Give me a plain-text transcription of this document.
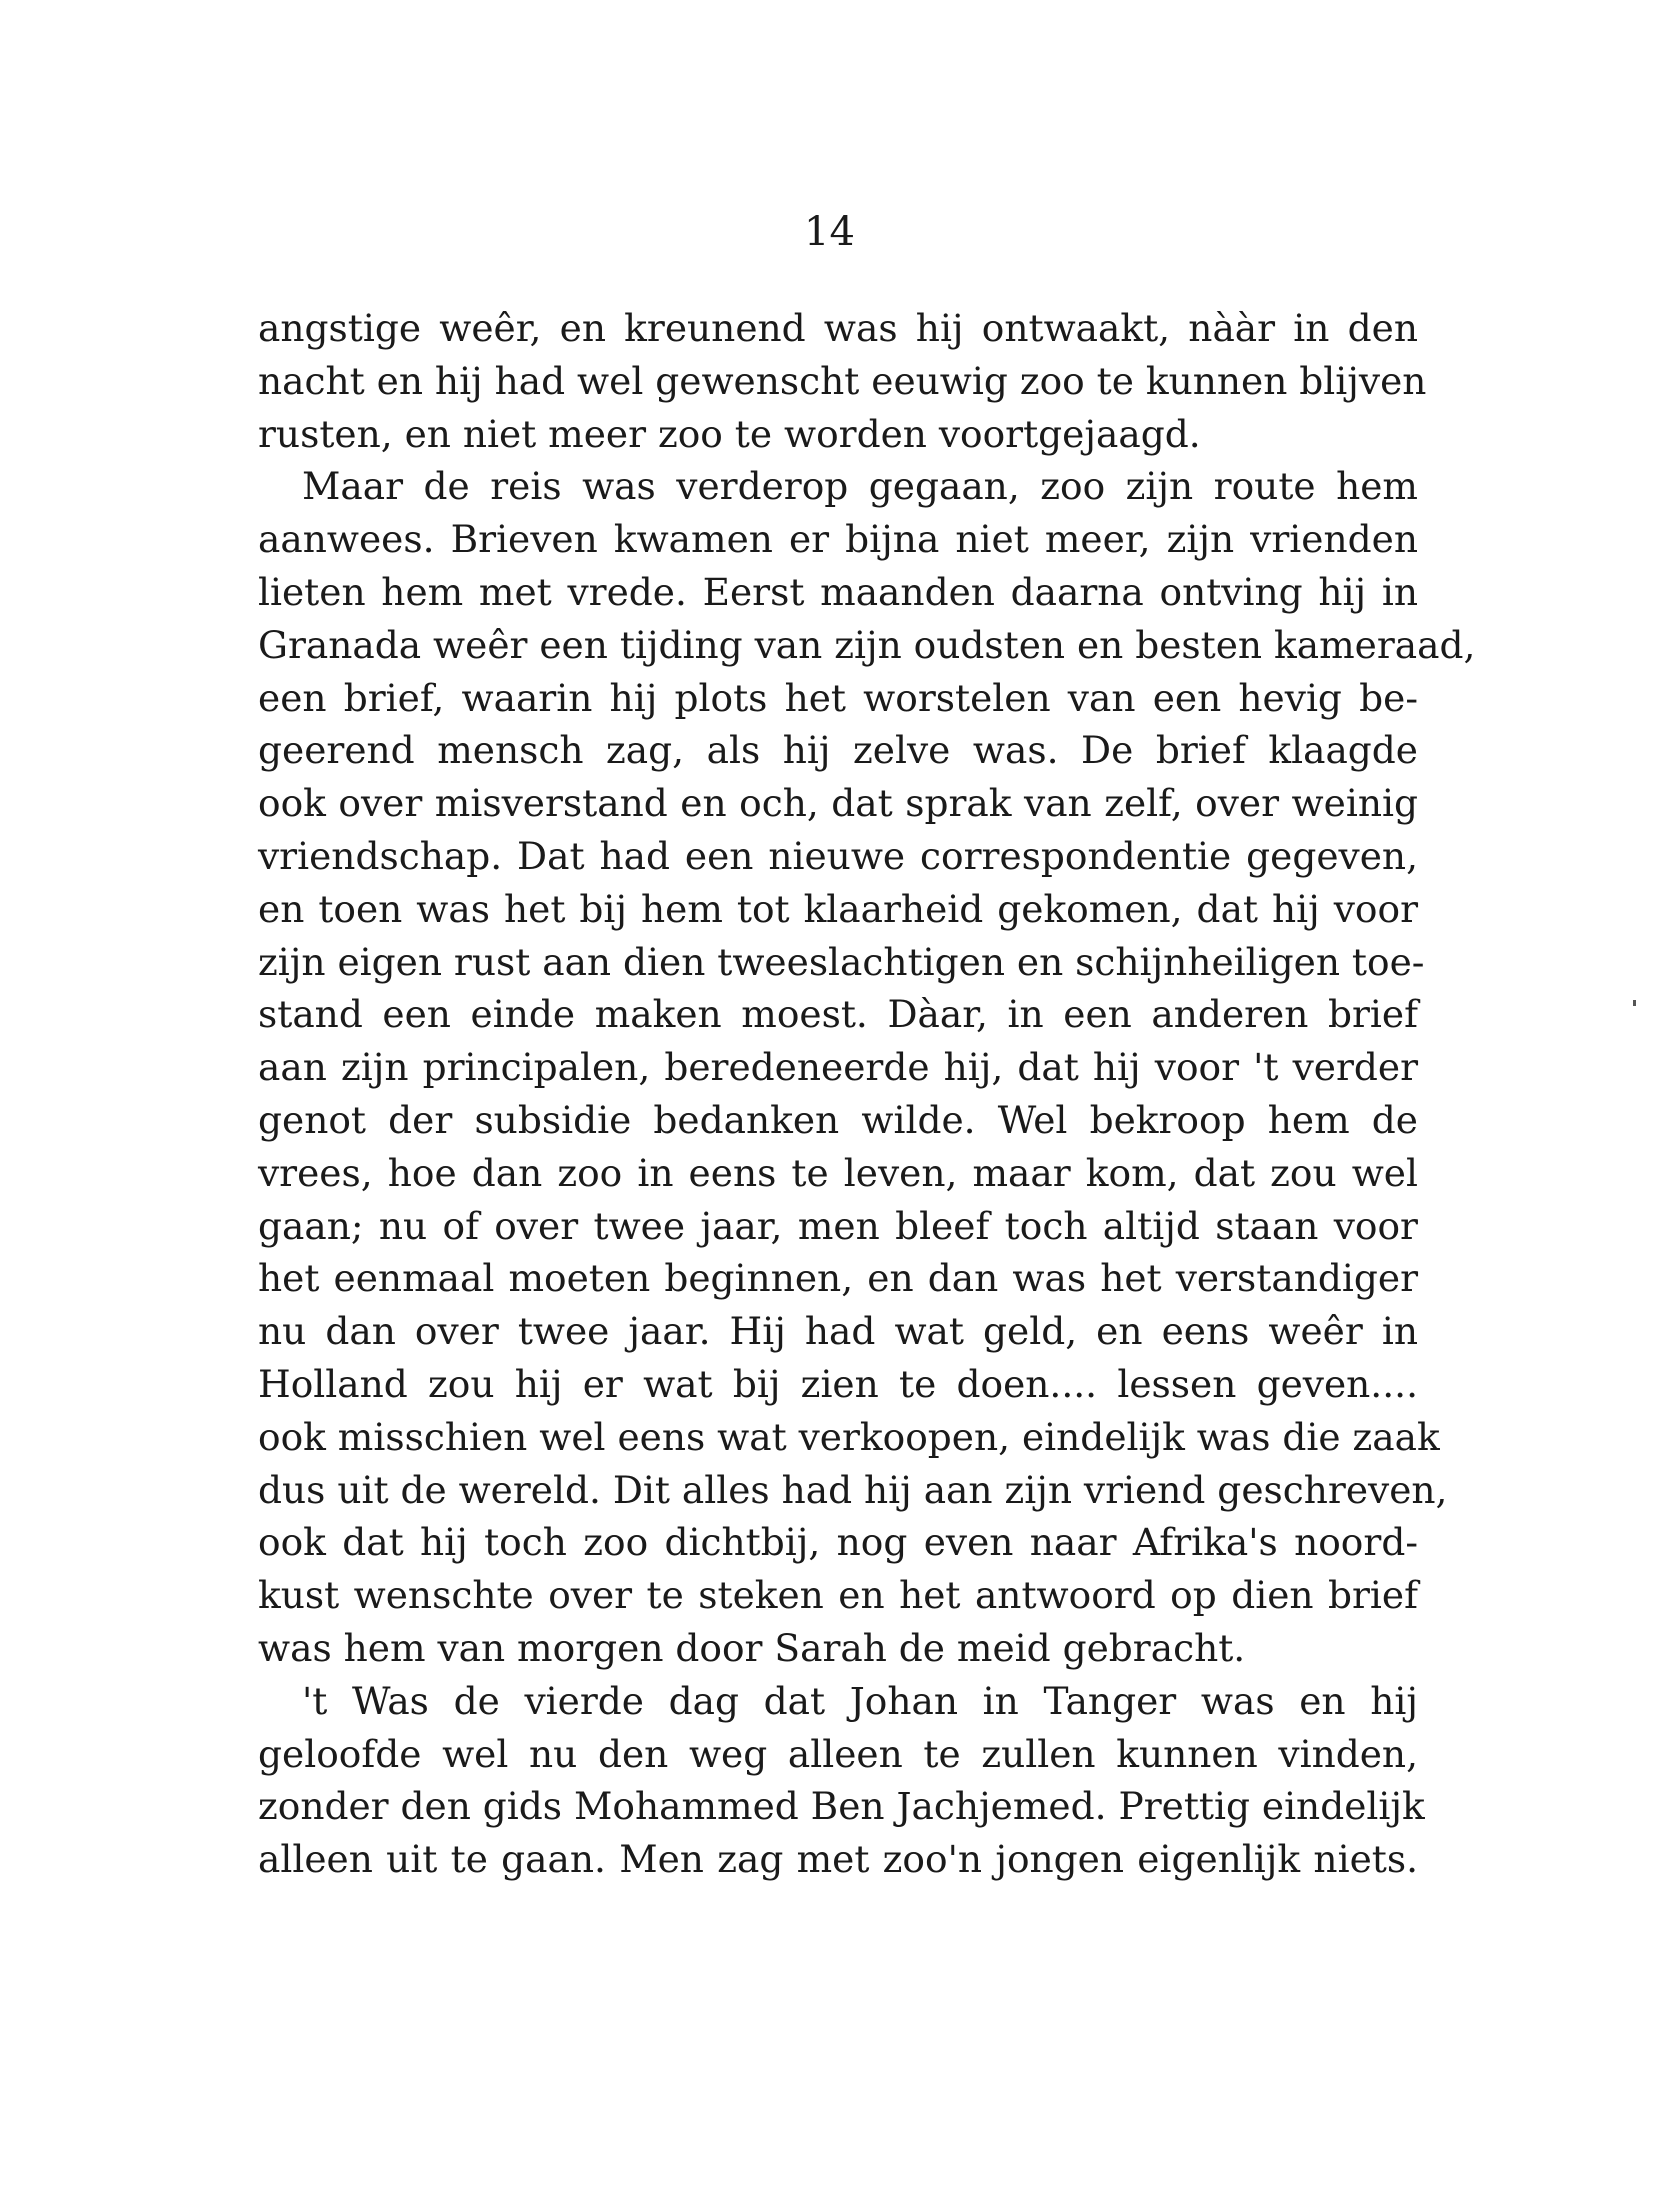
14
angstige weêr, en kreunend was hij ontwaakt, nààr in den
nacht en hij had wel gewenscht eeuwig zoo te kunnen blijven
rusten, en niet meer zoo te worden voortgejaagd.
Maar de reis was verderop gegaan, zoo zijn route hem
aanwees. Brieven kwamen er bijna niet meer, zijn vrienden
lieten hem met vrede. Eerst maanden daarna ontving hij in
Granada weêr een tijding van zijn oudsten en besten kameraad,
een brief, waarin hij plots het worstelen van een hevig be-
geerend mensch zag, als hij zelve was. De brief klaagde
ook over misverstand en och, dat sprak van zelf, over weinig
vriendschap. Dat had een nieuwe correspondentie gegeven,
en toen was het bij hem tot klaarheid gekomen, dat hij voor
zijn eigen rust aan dien tweeslachtigen en schijnheiligen toe-
stand een einde maken moest. Dàar, in een anderen brief
aan zijn principalen, beredeneerde hij, dat hij voor 't verder
genot der subsidie bedanken wilde. Wel bekroop hem de
vrees, hoe dan zoo in eens te leven, maar kom, dat zou wel
gaan; nu of over twee jaar, men bleef toch altijd staan voor
het eenmaal moeten beginnen, en dan was het verstandiger
nu dan over twee jaar. Hij had wat geld, en eens weêr in
Holland zou hij er wat bij zien te doen.... lessen geven....
ook misschien wel eens wat verkoopen, eindelijk was die zaak
dus uit de wereld. Dit alles had hij aan zijn vriend geschreven,
ook dat hij toch zoo dichtbij, nog even naar Afrika's noord-
kust wenschte over te steken en het antwoord op dien brief
was hem van morgen door Sarah de meid gebracht.
't Was de vierde dag dat Johan in Tanger was en hij
geloofde wel nu den weg alleen te zullen kunnen vinden,
zonder den gids Mohammed Ben Jachjemed. Prettig eindelijk
alleen uit te gaan. Men zag met zoo'n jongen eigenlijk niets.
